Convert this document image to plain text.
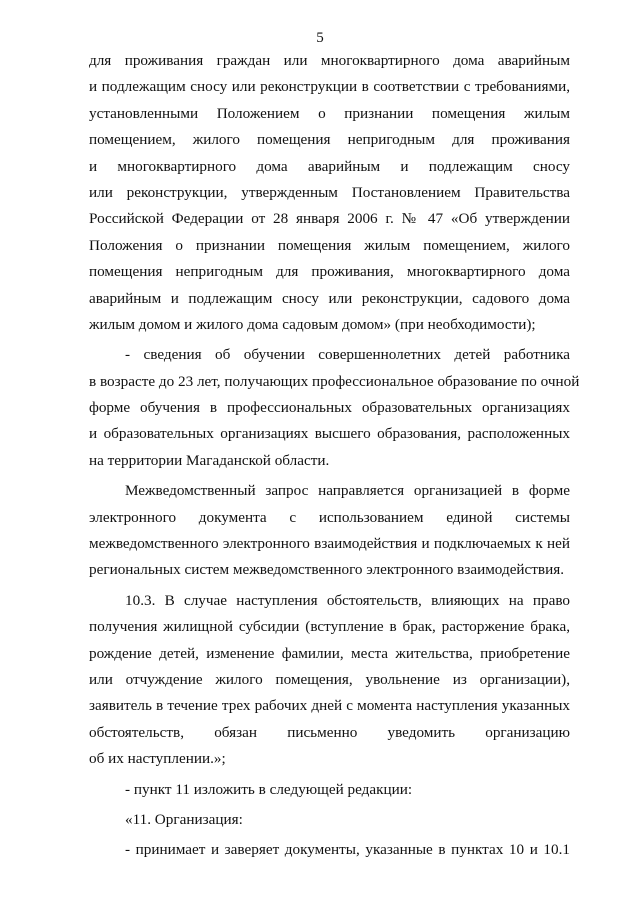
5
для проживания граждан или многоквартирного дома аварийным
и подлежащим сносу или реконструкции в соответствии с требованиями,
установленными Положением о признании помещения жилым
помещением, жилого помещения непригодным для проживания
и многоквартирного дома аварийным и подлежащим сносу
или реконструкции, утвержденным Постановлением Правительства
Российской Федерации от 28 января 2006 г. № 47 «Об утверждении
Положения о признании помещения жилым помещением, жилого
помещения непригодным для проживания, многоквартирного дома
аварийным и подлежащим сносу или реконструкции, садового дома
жилым домом и жилого дома садовым домом» (при необходимости);
- сведения об обучении совершеннолетних детей работника
в возрасте до 23 лет, получающих профессиональное образование по очной
форме обучения в профессиональных образовательных организациях
и образовательных организациях высшего образования, расположенных
на территории Магаданской области.
Межведомственный запрос направляется организацией в форме
электронного документа с использованием единой системы
межведомственного электронного взаимодействия и подключаемых к ней
региональных систем межведомственного электронного взаимодействия.
10.3. В случае наступления обстоятельств, влияющих на право
получения жилищной субсидии (вступление в брак, расторжение брака,
рождение детей, изменение фамилии, места жительства, приобретение
или отчуждение жилого помещения, увольнение из организации),
заявитель в течение трех рабочих дней с момента наступления указанных
обстоятельств, обязан письменно уведомить организацию
об их наступлении.»;
- пункт 11 изложить в следующей редакции:
«11. Организация:
- принимает и заверяет документы, указанные в пунктах 10 и 10.1
